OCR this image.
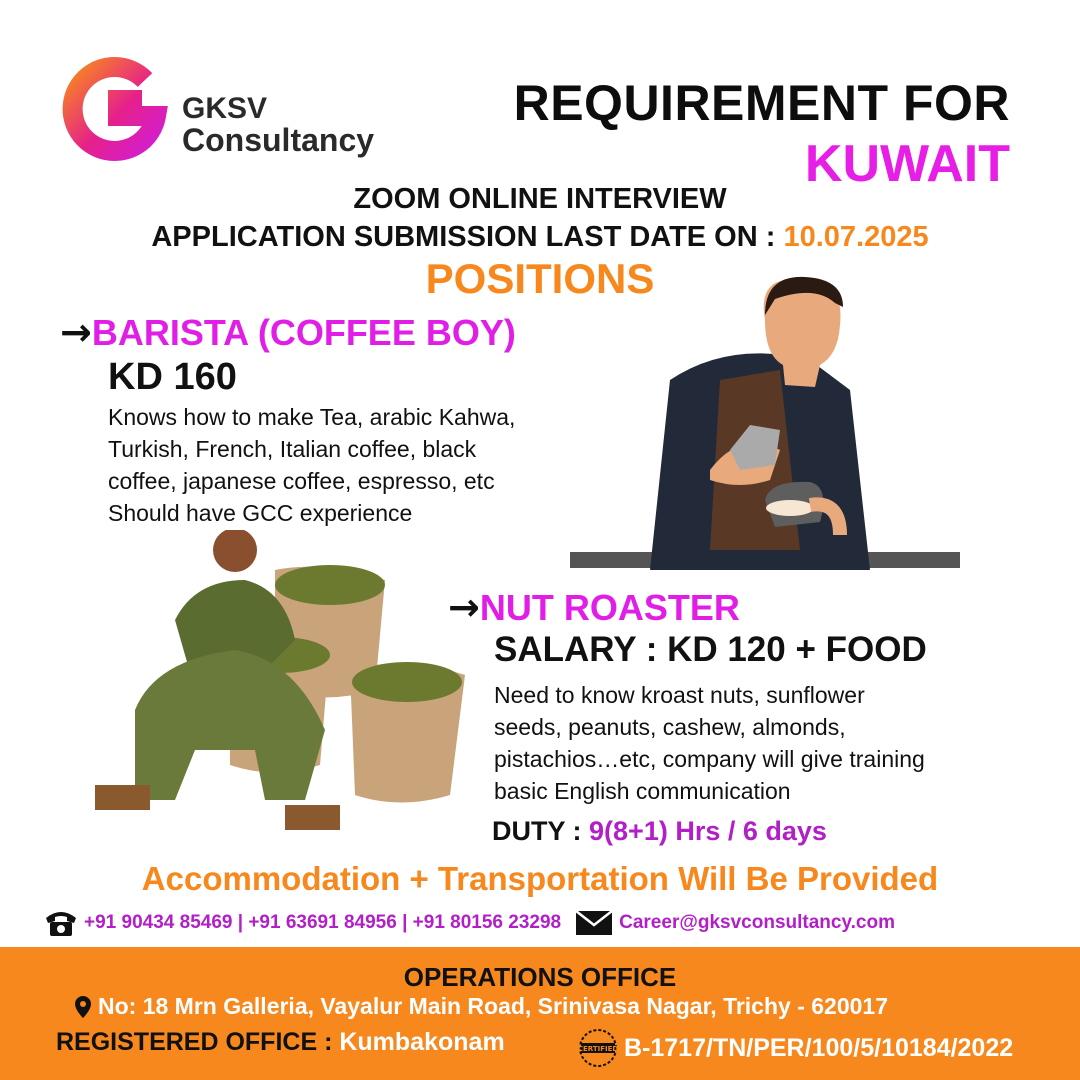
GKSV
Consultancy
REQUIREMENT FOR
KUWAIT
ZOOM ONLINE INTERVIEW
APPLICATION SUBMISSION LAST DATE ON : 10.07.2025
POSITIONS
→BARISTA (COFFEE BOY)
KD 160
Knows how to make Tea, arabic Kahwa,
Turkish, French, Italian coffee, black
coffee, japanese coffee, espresso, etc
Should have GCC experience
→NUT ROASTER
SALARY : KD 120 + FOOD
Need to know kroast nuts, sunflower
seeds, peanuts, cashew, almonds,
pistachios…etc, company will give training
basic English communication
DUTY : 9(8+1) Hrs / 6 days
Accommodation + Transportation Will Be Provided
+91 90434 85469 | +91 63691 84956 | +91 80156 23298	Career@gksvconsultancy.com
OPERATIONS OFFICE
No: 18 Mrn Galleria, Vayalur Main Road, Srinivasa Nagar, Trichy - 620017
REGISTERED OFFICE : Kumbakonam	CERTIFIED B-1717/TN/PER/100/5/10184/2022
